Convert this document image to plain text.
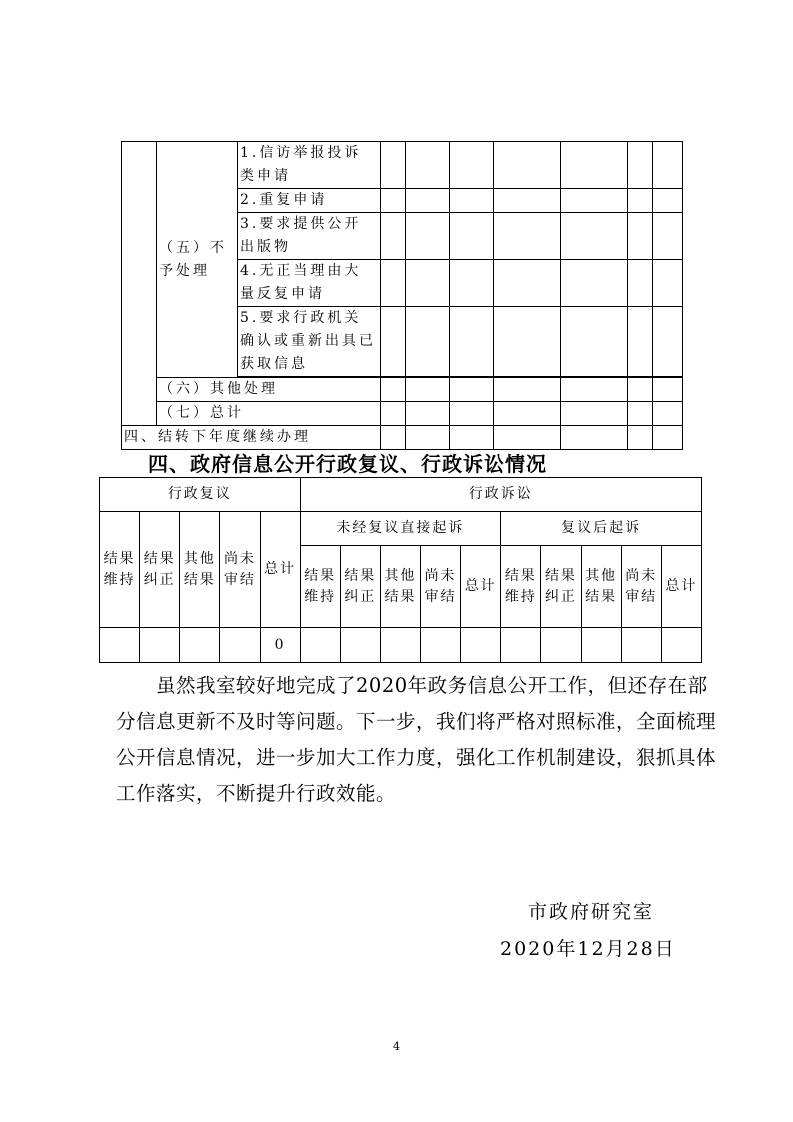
	（五）不予处理	1.信访举报投诉类申请							
		2.重复申请							
		3.要求提供公开出版物							
		4.无正当理由大量反复申请							
		5.要求行政机关确认或重新出具已获取信息							

	（六）其他处理								
	（七）总计								
四、结转下年度继续办理									
四、政府信息公开行政复议、行政诉讼情况
行政复议					行政诉讼									
结果维持	结果纠正	其他结果	尚未审结	总计	未经复议直接起诉					复议后起诉				
					结果维持	结果纠正	其他结果	尚未审结	总计	结果维持	结果纠正	其他结果	尚未审结	总计
				0										

虽然我室较好地完成了2020年政务信息公开工作，但还存在部分信息更新不及时等问题。下一步，我们将严格对照标准，全面梳理公开信息情况，进一步加大工作力度，强化工作机制建设，狠抓具体工作落实，不断提升行政效能。

市政府研究室
2020年12月28日
4
